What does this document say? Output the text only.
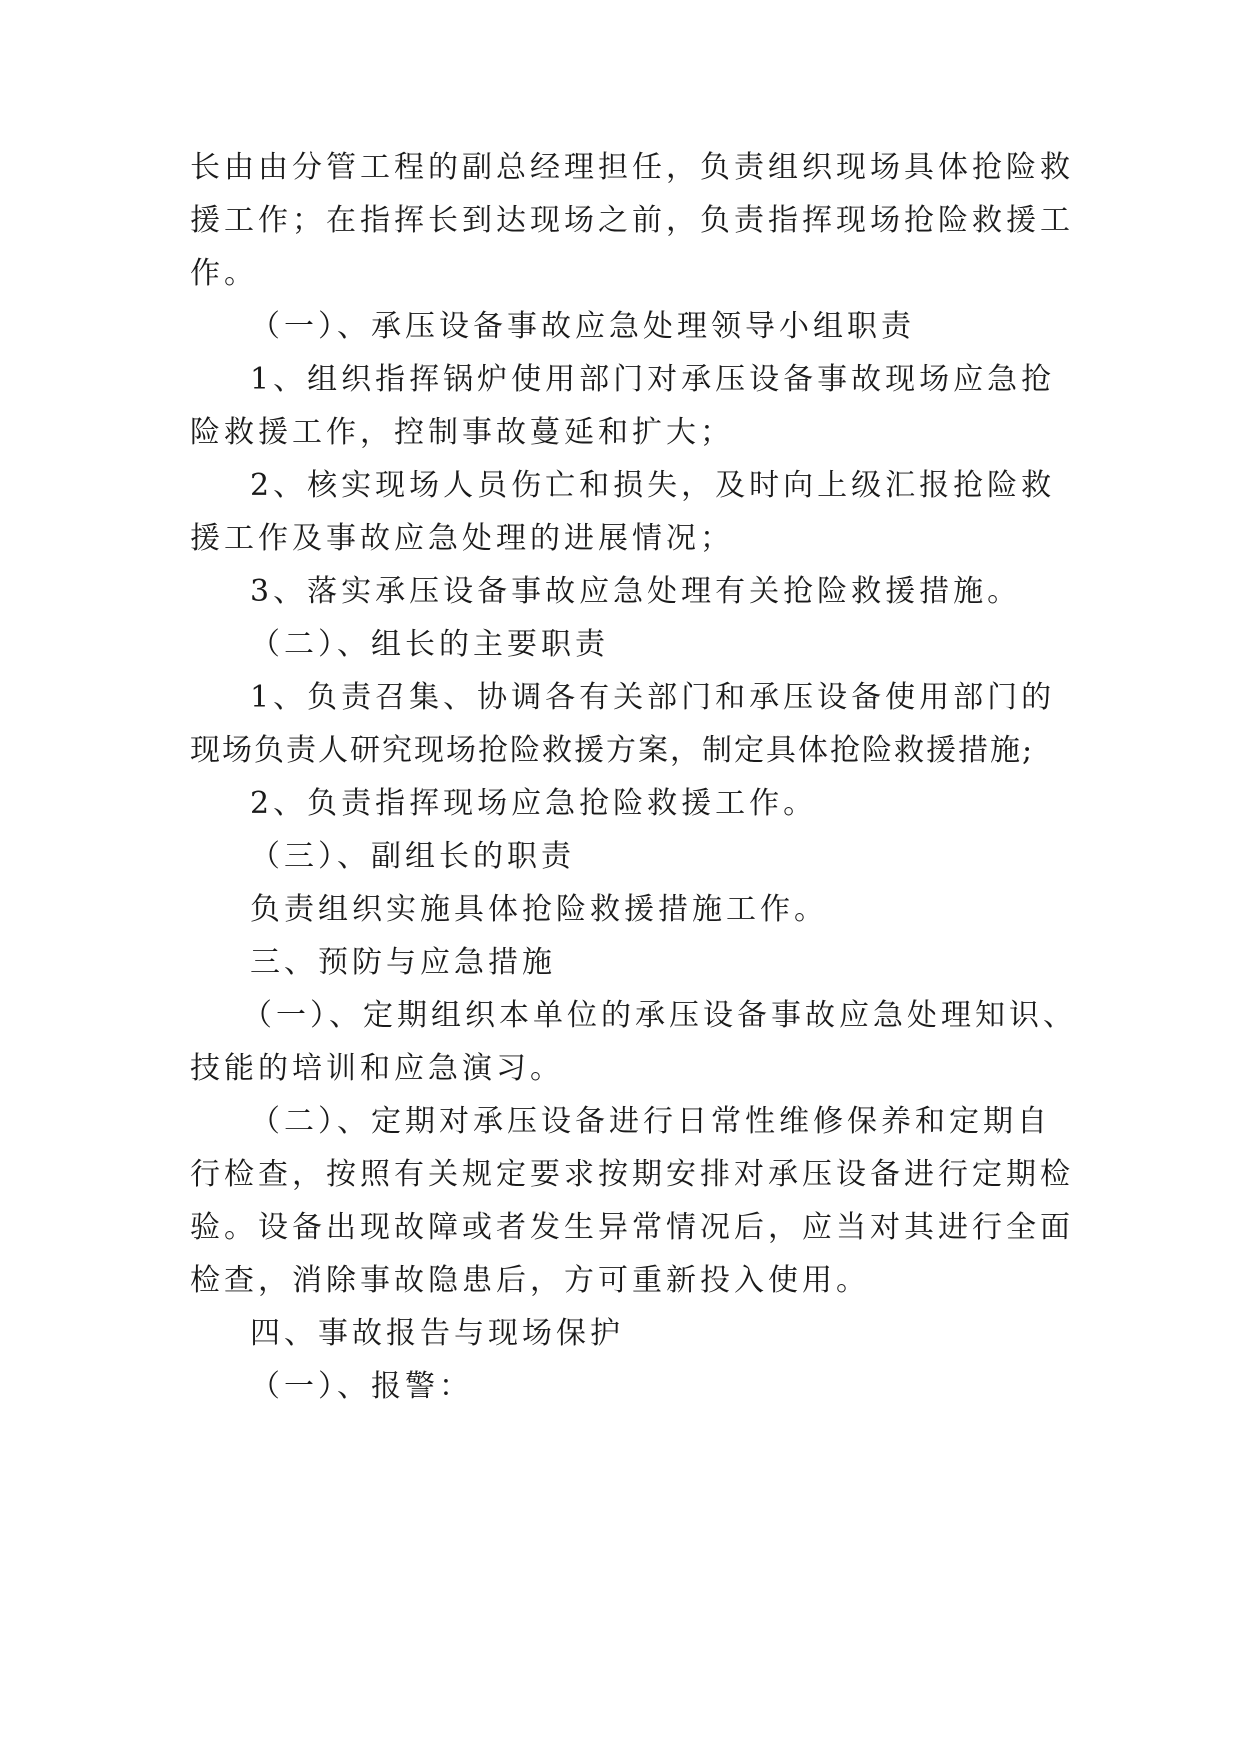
长由由分管工程的副总经理担任，负责组织现场具体抢险救
援工作；在指挥长到达现场之前，负责指挥现场抢险救援工
作。
（一）、承压设备事故应急处理领导小组职责
1、组织指挥锅炉使用部门对承压设备事故现场应急抢
险救援工作，控制事故蔓延和扩大；
2、核实现场人员伤亡和损失，及时向上级汇报抢险救
援工作及事故应急处理的进展情况；
3、落实承压设备事故应急处理有关抢险救援措施。
（二）、组长的主要职责
1、负责召集、协调各有关部门和承压设备使用部门的
现场负责人研究现场抢险救援方案，制定具体抢险救援措施;
2、负责指挥现场应急抢险救援工作。
（三）、副组长的职责
负责组织实施具体抢险救援措施工作。
三、预防与应急措施
（一）、定期组织本单位的承压设备事故应急处理知识、
技能的培训和应急演习。
（二）、定期对承压设备进行日常性维修保养和定期自
行检查，按照有关规定要求按期安排对承压设备进行定期检
验。设备出现故障或者发生异常情况后，应当对其进行全面
检查，消除事故隐患后，方可重新投入使用。
四、事故报告与现场保护
（一）、报警：
